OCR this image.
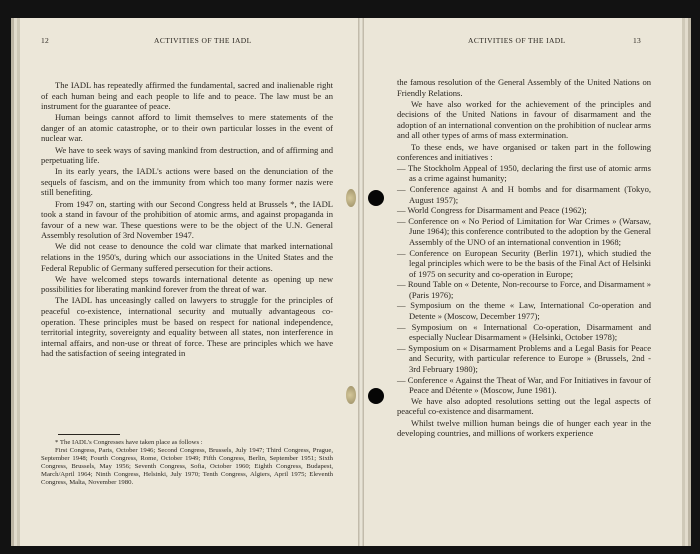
12	ACTIVITIES OF THE IADL

The IADL has repeatedly affirmed the fundamental, sacred and inalienable right of each human being and each people to life and to peace. The law must be an instrument for the guarantee of peace.

Human beings cannot afford to limit themselves to mere statements of the danger of an atomic catastrophe, or to their own particular losses in the event of nuclear war.

We have to seek ways of saving mankind from destruction, and of affirming and perpetuating life.

In its early years, the IADL's actions were based on the denunciation of the sequels of fascism, and on the immunity from which too many former nazis were still benefiting.

From 1947 on, starting with our Second Congress held at Brussels *, the IADL took a stand in favour of the prohibition of atomic arms, and against propaganda in favour of a new war. These questions were to be the object of the U.N. General Assembly resolution of 3rd November 1947.

We did not cease to denounce the cold war climate that marked international relations in the 1950's, during which our associations in the United States and the Federal Republic of Germany suffered persecution for their actions.

We have welcomed steps towards international detente as opening up new possibilities for liberating mankind forever from the threat of war.

The IADL has unceasingly called on lawyers to struggle for the principles of peaceful co-existence, international security and mutually advantageous co-operation. These principles must be based on respect for national independence, territorial integrity, sovereignty and equality between all states, non interference in internal affairs, and non-use or threat of force. These are principles which we have had the satisfaction of seeing integrated in

* The IADL's Congresses have taken place as follows :

First Congress, Paris, October 1946; Second Congress, Brussels, July 1947; Third Congress, Prague, September 1948; Fourth Congress, Rome, October 1949; Fifth Congress, Berlin, September 1951; Sixth Congress, Brussels, May 1956; Seventh Congress, Sofia, October 1960; Eighth Congress, Budapest, March/April 1964; Ninth Congress, Helsinki, July 1970; Tenth Congress, Algiers, April 1975; Eleventh Congress, Malta, November 1980.

ACTIVITIES OF THE IADL	13

the famous resolution of the General Assembly of the United Nations on Friendly Relations.

We have also worked for the achievement of the principles and decisions of the United Nations in favour of disarmament and the adoption of an international convention on the prohibition of nuclear arms and all other types of arms of mass extermination.

To these ends, we have organised or taken part in the following conferences and initiatives :

— The Stockholm Appeal of 1950, declaring the first use of atomic arms as a crime against humanity;
— Conference against A and H bombs and for disarmament (Tokyo, August 1957);
— World Congress for Disarmament and Peace (1962);
— Conference on « No Period of Limitation for War Crimes » (Warsaw, June 1964); this conference contributed to the adoption by the General Assembly of the UNO of an international convention in 1968;
— Conference on European Security (Berlin 1971), which studied the legal principles which were to be the basis of the Final Act of Helsinki of 1975 on security and co-operation in Europe;
— Round Table on « Detente, Non-recourse to Force, and Disarmament » (Paris 1976);
— Symposium on the theme « Law, International Co-operation and Detente » (Moscow, December 1977);
— Symposium on « International Co-operation, Disarmament and especially Nuclear Disarmament » (Helsinki, October 1978);
— Symposium on « Disarmament Problems and a Legal Basis for Peace and Security, with particular reference to Europe » (Brussels, 2nd - 3rd February 1980);
— Conference « Against the Theat of War, and For Initiatives in favour of Peace and Détente » (Moscow, June 1981).

We have also adopted resolutions setting out the legal aspects of peaceful co-existence and disarmament.

Whilst twelve million human beings die of hunger each year in the developing countries, and millions of workers experience
